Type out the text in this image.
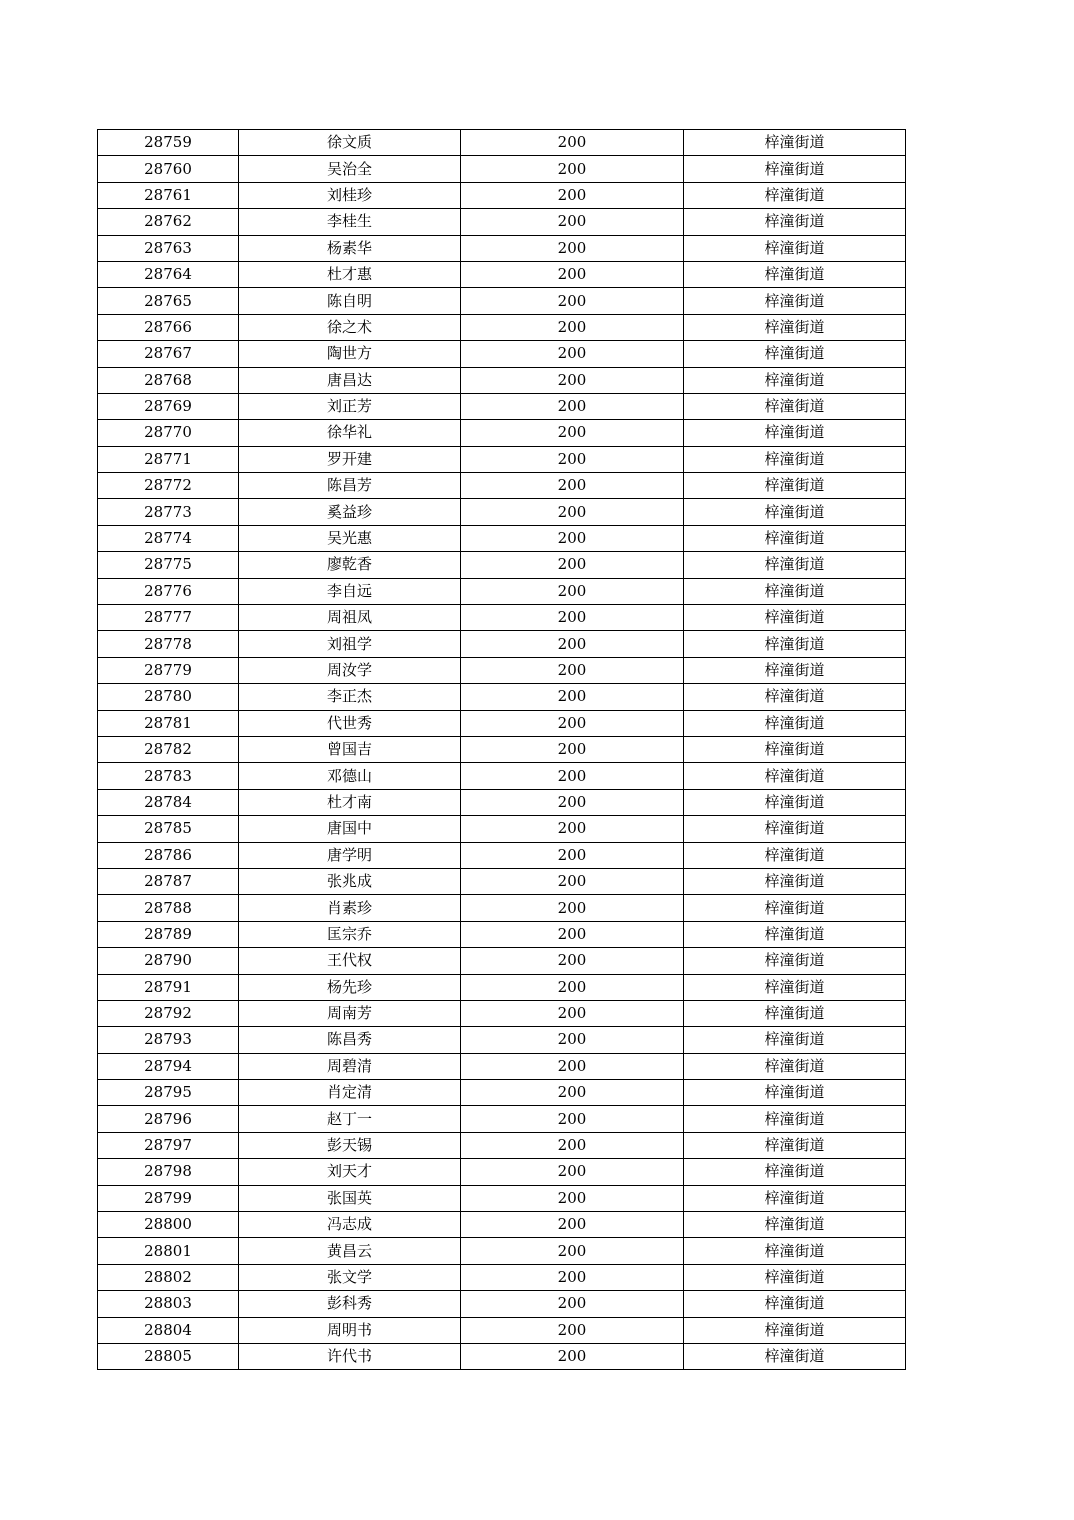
28759	徐文质	200	梓潼街道
28760	吴治全	200	梓潼街道
28761	刘桂珍	200	梓潼街道
28762	李桂生	200	梓潼街道
28763	杨素华	200	梓潼街道
28764	杜才惠	200	梓潼街道
28765	陈自明	200	梓潼街道
28766	徐之术	200	梓潼街道
28767	陶世方	200	梓潼街道
28768	唐昌达	200	梓潼街道
28769	刘正芳	200	梓潼街道
28770	徐华礼	200	梓潼街道
28771	罗开建	200	梓潼街道
28772	陈昌芳	200	梓潼街道
28773	奚益珍	200	梓潼街道
28774	吴光惠	200	梓潼街道
28775	廖乾香	200	梓潼街道
28776	李自远	200	梓潼街道
28777	周祖凤	200	梓潼街道
28778	刘祖学	200	梓潼街道
28779	周汝学	200	梓潼街道
28780	李正杰	200	梓潼街道
28781	代世秀	200	梓潼街道
28782	曾国吉	200	梓潼街道
28783	邓德山	200	梓潼街道
28784	杜才南	200	梓潼街道
28785	唐国中	200	梓潼街道
28786	唐学明	200	梓潼街道
28787	张兆成	200	梓潼街道
28788	肖素珍	200	梓潼街道
28789	匡宗乔	200	梓潼街道
28790	王代权	200	梓潼街道
28791	杨先珍	200	梓潼街道
28792	周南芳	200	梓潼街道
28793	陈昌秀	200	梓潼街道
28794	周碧清	200	梓潼街道
28795	肖定清	200	梓潼街道
28796	赵丁一	200	梓潼街道
28797	彭天锡	200	梓潼街道
28798	刘天才	200	梓潼街道
28799	张国英	200	梓潼街道
28800	冯志成	200	梓潼街道
28801	黄昌云	200	梓潼街道
28802	张文学	200	梓潼街道
28803	彭科秀	200	梓潼街道
28804	周明书	200	梓潼街道
28805	许代书	200	梓潼街道
